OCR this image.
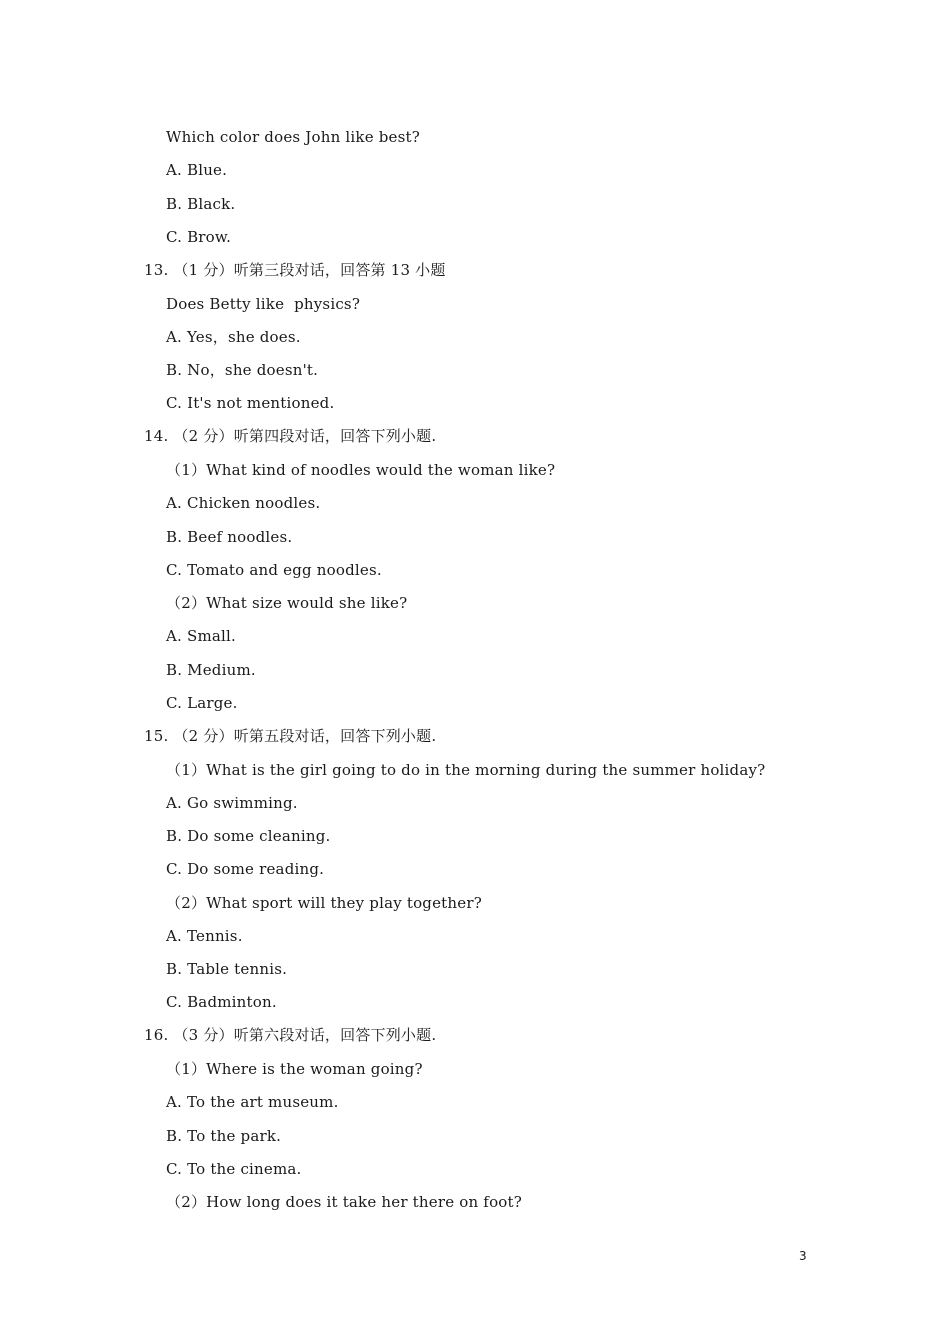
Which color does John like best?
A. Blue.
B. Black.
C. Brow.
13. （1 分）听第三段对话，回答第 13 小题
Does Betty like  physics?
A. Yes，she does.
B. No，she doesn't.
C. It's not mentioned.
14. （2 分）听第四段对话，回答下列小题.
（1）What kind of noodles would the woman like?
A. Chicken noodles.
B. Beef noodles.
C. Tomato and egg noodles.
（2）What size would she like?
A. Small.
B. Medium.
C. Large.
15. （2 分）听第五段对话，回答下列小题.
（1）What is the girl going to do in the morning during the summer holiday?
A. Go swimming.
B. Do some cleaning.
C. Do some reading.
（2）What sport will they play together?
A. Tennis.
B. Table tennis.
C. Badminton.
16. （3 分）听第六段对话，回答下列小题.
（1）Where is the woman going?
A. To the art museum.
B. To the park.
C. To the cinema.
（2）How long does it take her there on foot?
3
